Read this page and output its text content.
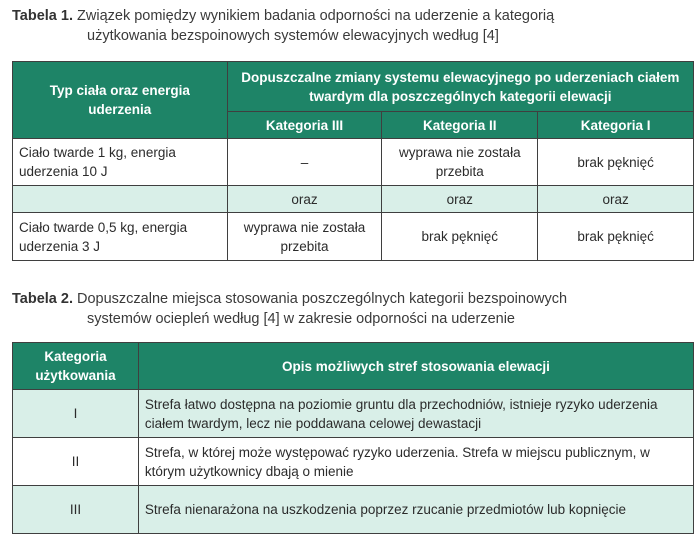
Tabela 1. Związek pomiędzy wynikiem badania odporności na uderzenie a kategorią
użytkowania bezspoinowych systemów elewacyjnych według [4]
Typ ciała oraz energia uderzenia	Dopuszczalne zmiany systemu elewacyjnego po uderzeniach ciałem twardym dla poszczególnych kategorii elewacji		
	Kategoria III	Kategoria II	Kategoria I
Ciało twarde 1 kg, energia uderzenia 10 J	–	wyprawa nie została przebita	brak pęknięć
	oraz	oraz	oraz
Ciało twarde 0,5 kg, energia uderzenia 3 J	wyprawa nie została przebita	brak pęknięć	brak pęknięć
Tabela 2. Dopuszczalne miejsca stosowania poszczególnych kategorii bezspoinowych
systemów ociepleń według [4] w zakresie odporności na uderzenie
Kategoria użytkowania	Opis możliwych stref stosowania elewacji
I	Strefa łatwo dostępna na poziomie gruntu dla przechodniów, istnieje ryzyko uderzenia ciałem twardym, lecz nie poddawana celowej dewastacji
II	Strefa, w której może występować ryzyko uderzenia. Strefa w miejscu publicznym, w którym użytkownicy dbają o mienie
III	Strefa nienarażona na uszkodzenia poprzez rzucanie przedmiotów lub kopnięcie
